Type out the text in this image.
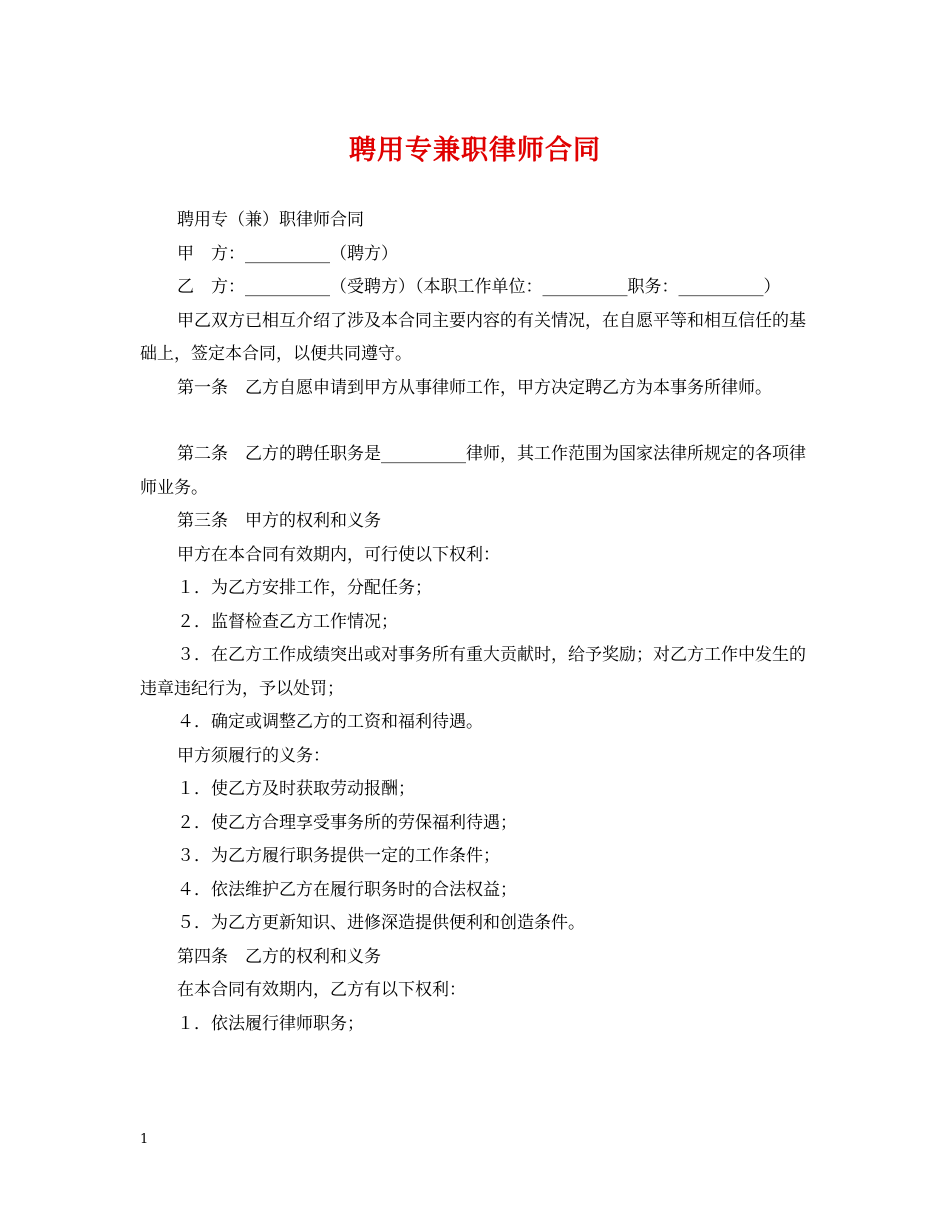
聘用专兼职律师合同

聘用专（兼）职律师合同

甲　方：__________（聘方）

乙　方：__________（受聘方）（本职工作单位：__________职务：__________）

甲乙双方已相互介绍了涉及本合同主要内容的有关情况，在自愿平等和相互信任的基础上，签定本合同，以便共同遵守。

第一条　乙方自愿申请到甲方从事律师工作，甲方决定聘乙方为本事务所律师。

第二条　乙方的聘任职务是__________律师，其工作范围为国家法律所规定的各项律师业务。

第三条　甲方的权利和义务

甲方在本合同有效期内，可行使以下权利：

１．为乙方安排工作，分配任务；

２．监督检查乙方工作情况；

３．在乙方工作成绩突出或对事务所有重大贡献时，给予奖励；对乙方工作中发生的违章违纪行为，予以处罚；

４．确定或调整乙方的工资和福利待遇。

甲方须履行的义务：

１．使乙方及时获取劳动报酬；

２．使乙方合理享受事务所的劳保福利待遇；

３．为乙方履行职务提供一定的工作条件；

４．依法维护乙方在履行职务时的合法权益；

５．为乙方更新知识、进修深造提供便利和创造条件。

第四条　乙方的权利和义务

在本合同有效期内，乙方有以下权利：

１．依法履行律师职务；

1
